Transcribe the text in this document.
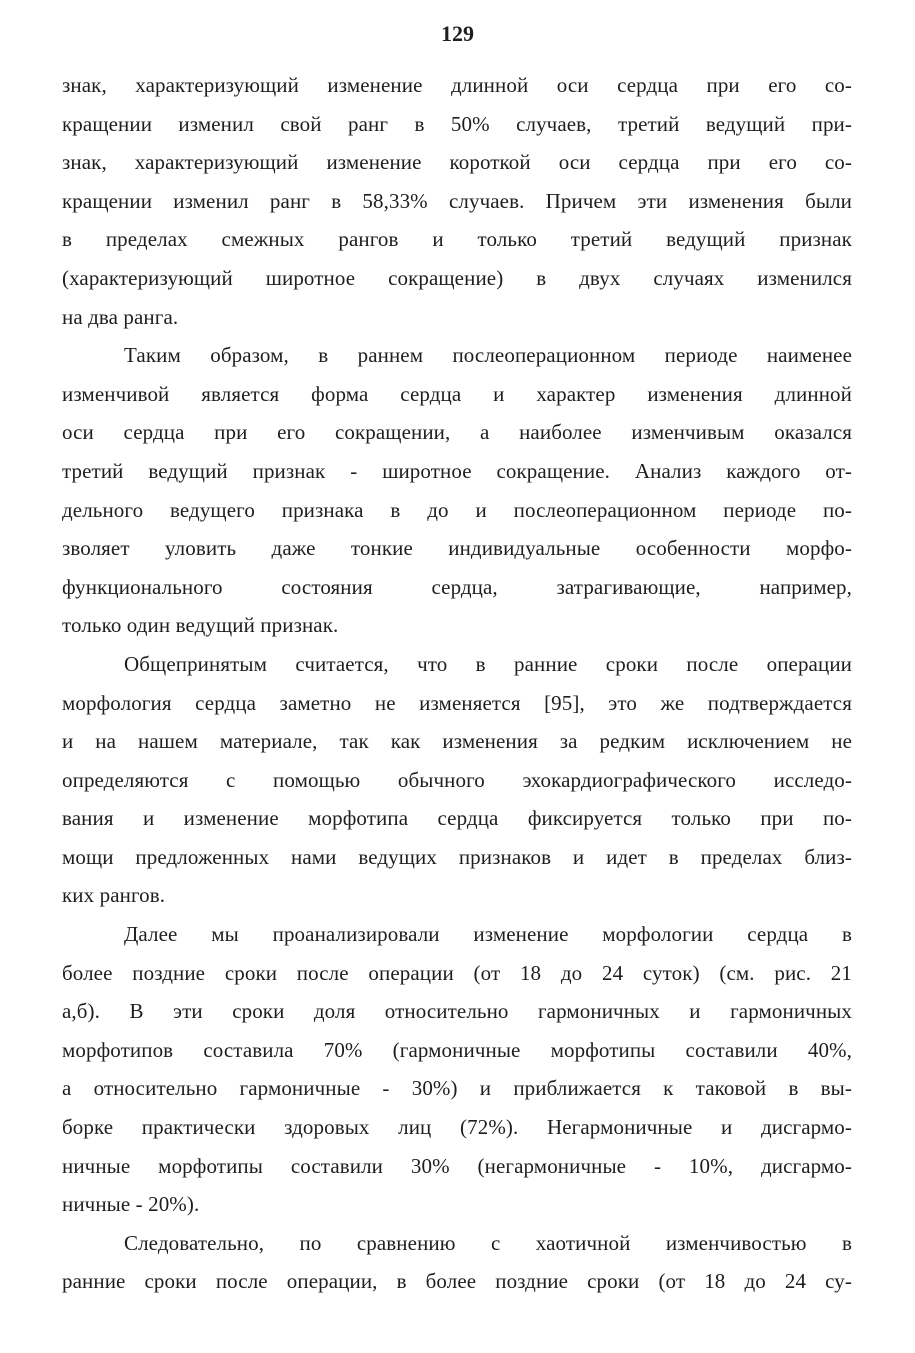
129
знак, характеризующий изменение длинной оси сердца при его со-
кращении изменил свой ранг в 50% случаев, третий ведущий при-
знак, характеризующий изменение короткой оси сердца при его со-
кращении изменил ранг в 58,33% случаев. Причем эти изменения были
в пределах смежных рангов и только третий ведущий признак
(характеризующий широтное сокращение) в двух случаях изменился
на два ранга.
Таким образом, в раннем послеоперационном периоде наименее
изменчивой является форма сердца и характер изменения длинной
оси сердца при его сокращении, а наиболее изменчивым оказался
третий ведущий признак - широтное сокращение. Анализ каждого от-
дельного ведущего признака в до и послеоперационном периоде по-
зволяет уловить даже тонкие индивидуальные особенности морфо-
функционального состояния сердца, затрагивающие, например,
только один ведущий признак.
Общепринятым считается, что в ранние сроки после операции
морфология сердца заметно не изменяется [95], это же подтверждается
и на нашем материале, так как изменения за редким исключением не
определяются с помощью обычного эхокардиографического исследо-
вания и изменение морфотипа сердца фиксируется только при по-
мощи предложенных нами ведущих признаков и идет в пределах близ-
ких рангов.
Далее мы проанализировали изменение морфологии сердца в
более поздние сроки после операции (от 18 до 24 суток) (см. рис. 21
а,б). В эти сроки доля относительно гармоничных и гармоничных
морфотипов составила 70% (гармоничные морфотипы составили 40%,
а относительно гармоничные - 30%) и приближается к таковой в вы-
борке практически здоровых лиц (72%). Негармоничные и дисгармо-
ничные морфотипы составили 30% (негармоничные - 10%, дисгармо-
ничные - 20%).
Следовательно, по сравнению с хаотичной изменчивостью в
ранние сроки после операции, в более поздние сроки (от 18 до 24 су-
